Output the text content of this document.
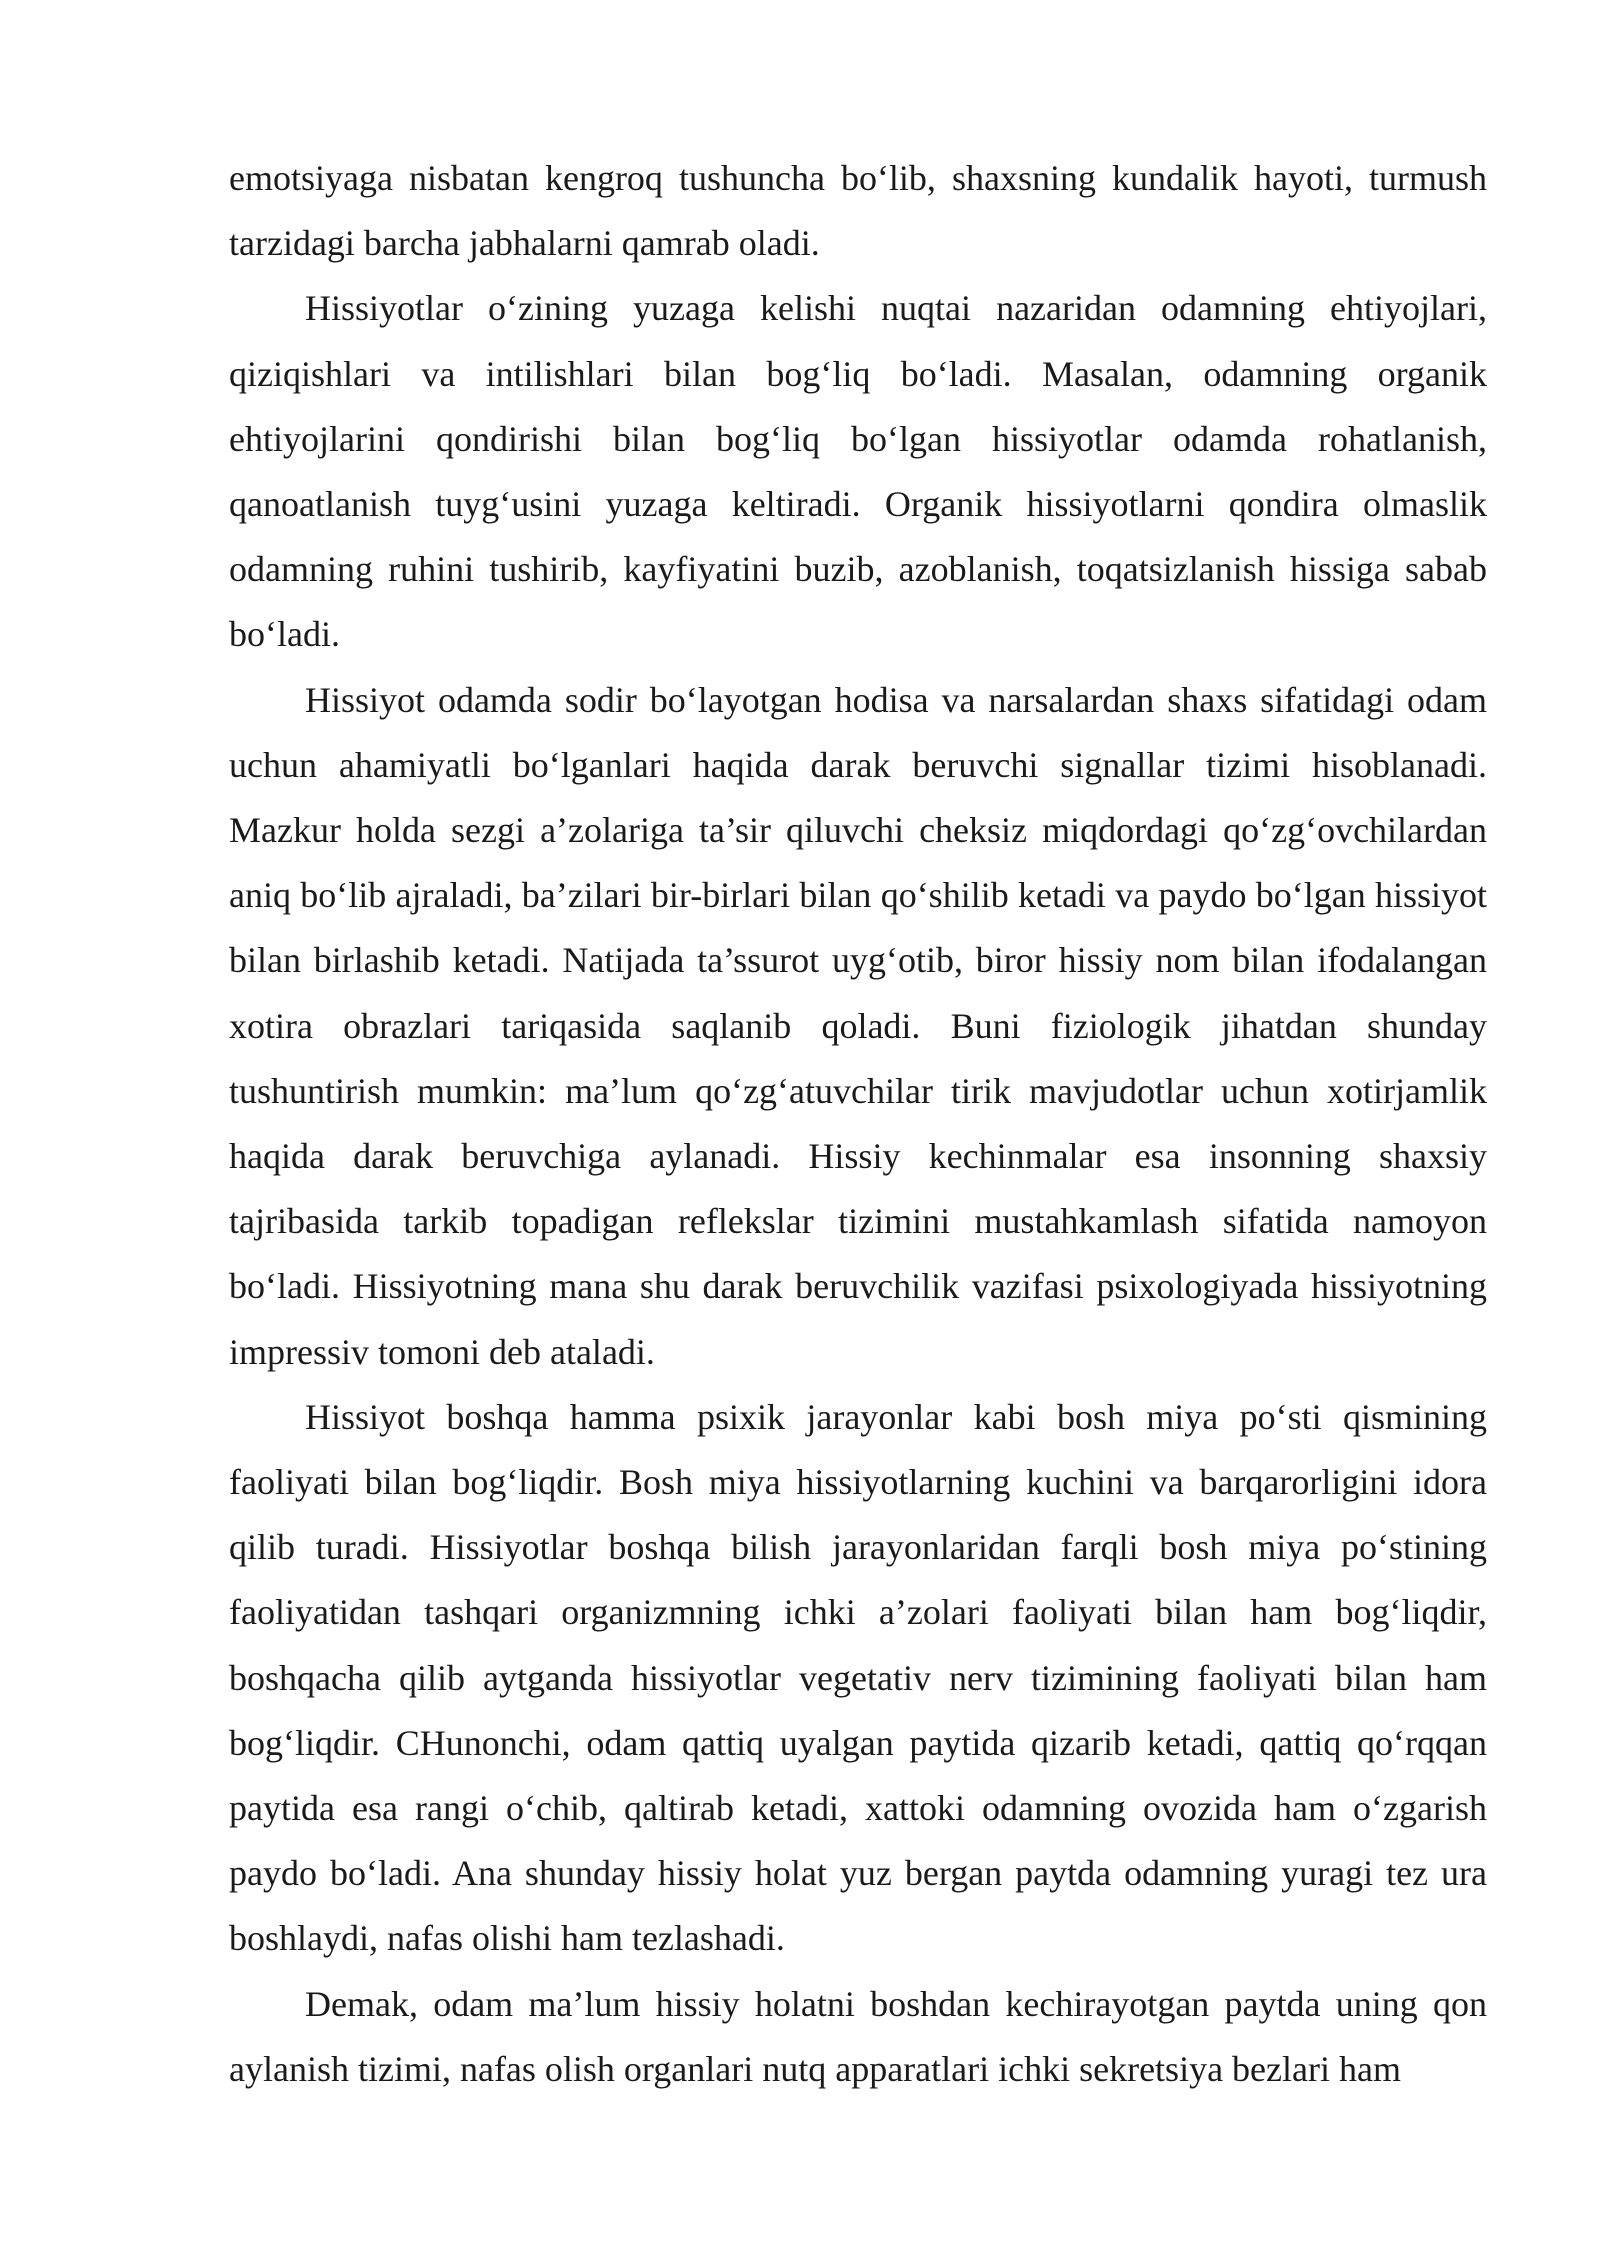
emotsiyaga nisbatan kengroq tushuncha bo‘lib, shaxsning kundalik hayoti, turmush tarzidagi barcha jabhalarni qamrab oladi.

Hissiyotlar o‘zining yuzaga kelishi nuqtai nazaridan odamning ehtiyojlari, qiziqishlari va intilishlari bilan bog‘liq bo‘ladi. Masalan, odamning organik ehtiyojlarini qondirishi bilan bog‘liq bo‘lgan hissiyotlar odamda rohatlanish, qanoatlanish tuyg‘usini yuzaga keltiradi. Organik hissiyotlarni qondira olmaslik odamning ruhini tushirib, kayfiyatini buzib, azoblanish, toqatsizlanish hissiga sabab bo‘ladi.

Hissiyot odamda sodir bo‘layotgan hodisa va narsalardan shaxs sifatidagi odam uchun ahamiyatli bo‘lganlari haqida darak beruvchi signallar tizimi hisoblanadi. Mazkur holda sezgi a’zolariga ta’sir qiluvchi cheksiz miqdordagi qo‘zg‘ovchilardan aniq bo‘lib ajraladi, ba’zilari bir-birlari bilan qo‘shilib ketadi va paydo bo‘lgan hissiyot bilan birlashib ketadi. Natijada ta’ssurot uyg‘otib, biror hissiy nom bilan ifodalangan xotira obrazlari tariqasida saqlanib qoladi. Buni fiziologik jihatdan shunday tushuntirish mumkin: ma’lum qo‘zg‘atuvchilar tirik mavjudotlar uchun xotirjamlik haqida darak beruvchiga aylanadi. Hissiy kechinmalar esa insonning shaxsiy tajribasida tarkib topadigan reflekslar tizimini mustahkamlash sifatida namoyon bo‘ladi. Hissiyotning mana shu darak beruvchilik vazifasi psixologiyada hissiyotning impressiv tomoni deb ataladi.

Hissiyot boshqa hamma psixik jarayonlar kabi bosh miya po‘sti qismining faoliyati bilan bog‘liqdir. Bosh miya hissiyotlarning kuchini va barqarorligini idora qilib turadi. Hissiyotlar boshqa bilish jarayonlaridan farqli bosh miya po‘stining faoliyatidan tashqari organizmning ichki a’zolari faoliyati bilan ham bog‘liqdir, boshqacha qilib aytganda hissiyotlar vegetativ nerv tizimining faoliyati bilan ham bog‘liqdir. CHunonchi, odam qattiq uyalgan paytida qizarib ketadi, qattiq qo‘rqqan paytida esa rangi o‘chib, qaltirab ketadi, xattoki odamning ovozida ham o‘zgarish paydo bo‘ladi. Ana shunday hissiy holat yuz bergan paytda odamning yuragi tez ura boshlaydi, nafas olishi ham tezlashadi.

Demak, odam ma’lum hissiy holatni boshdan kechirayotgan paytda uning qon aylanish tizimi, nafas olish organlari nutq apparatlari ichki sekretsiya bezlari ham
